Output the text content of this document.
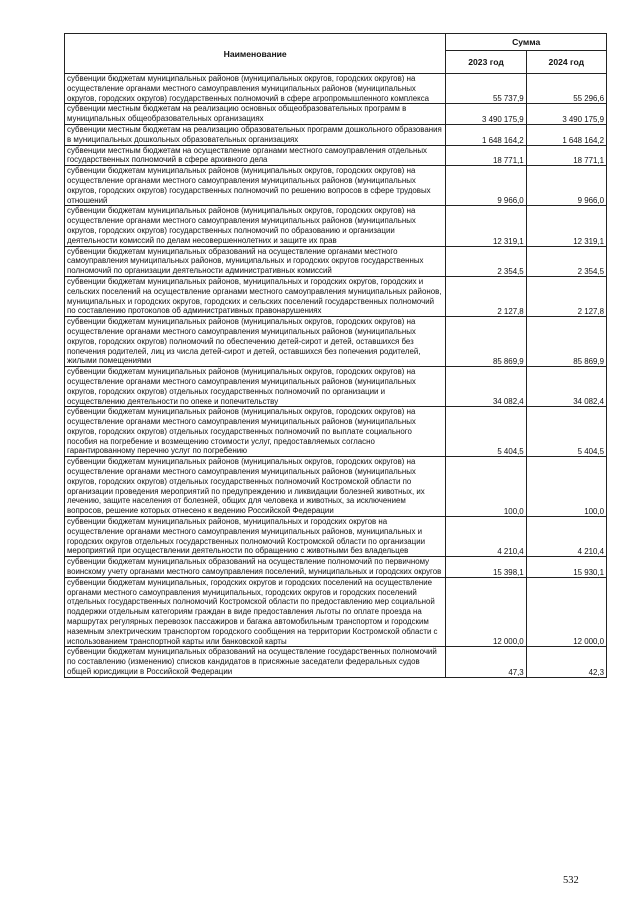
Наименование	Сумма	
	2023 год	2024 год
субвенции бюджетам муниципальных районов (муниципальных округов, городских округов) на осуществление органами местного самоуправления муниципальных районов (муниципальных округов, городских округов) государственных полномочий в сфере агропромышленного комплекса	55 737,9	55 296,6
субвенции местным бюджетам на реализацию основных общеобразовательных программ в муниципальных общеобразовательных организациях	3 490 175,9	3 490 175,9
субвенции местным бюджетам на реализацию образовательных программ дошкольного образования в муниципальных дошкольных образовательных организациях	1 648 164,2	1 648 164,2
субвенции местным бюджетам на осуществление органами местного самоуправления отдельных государственных полномочий в сфере архивного дела	18 771,1	18 771,1
субвенции бюджетам муниципальных районов (муниципальных округов, городских округов) на осуществление органами местного самоуправления муниципальных районов (муниципальных округов, городских округов) государственных полномочий по решению вопросов в сфере трудовых отношений	9 966,0	9 966,0
субвенции бюджетам муниципальных районов (муниципальных округов, городских округов) на осуществление органами местного самоуправления муниципальных районов (муниципальных округов, городских округов) государственных полномочий по образованию и организации деятельности комиссий по делам несовершеннолетних и защите их прав	12 319,1	12 319,1
субвенции бюджетам муниципальных образований на осуществление органами местного самоуправления муниципальных районов, муниципальных и городских округов государственных полномочий по организации деятельности административных комиссий	2 354,5	2 354,5
субвенции бюджетам муниципальных районов, муниципальных и городских округов, городских и сельских поселений на осуществление органами местного самоуправления муниципальных районов, муниципальных и городских округов, городских и сельских поселений государственных полномочий по составлению протоколов об административных правонарушениях	2 127,8	2 127,8
субвенции бюджетам муниципальных районов (муниципальных округов, городских округов) на осуществление органами местного самоуправления муниципальных районов (муниципальных округов, городских округов) полномочий по обеспечению детей-сирот и детей, оставшихся без попечения родителей, лиц из числа детей-сирот и детей, оставшихся без попечения родителей, жилыми помещениями	85 869,9	85 869,9
субвенции бюджетам муниципальных районов (муниципальных округов, городских округов) на осуществление органами местного самоуправления муниципальных районов (муниципальных округов, городских округов) отдельных государственных полномочий по организации и осуществлению деятельности по опеке и попечительству	34 082,4	34 082,4
субвенции бюджетам муниципальных районов (муниципальных округов, городских округов) на осуществление органами местного самоуправления муниципальных районов (муниципальных округов, городских округов) отдельных государственных полномочий по выплате социального пособия на погребение и возмещению стоимости услуг, предоставляемых согласно гарантированному перечню услуг по погребению	5 404,5	5 404,5
субвенции бюджетам муниципальных районов (муниципальных округов, городских округов) на осуществление органами местного самоуправления муниципальных районов (муниципальных округов, городских округов) отдельных государственных полномочий Костромской области по организации проведения мероприятий по предупреждению и ликвидации болезней животных, их лечению, защите населения от болезней, общих для человека и животных, за исключением вопросов, решение которых отнесено к ведению Российской Федерации	100,0	100,0
субвенции бюджетам муниципальных районов, муниципальных и городских округов на осуществление органами местного самоуправления муниципальных районов, муниципальных и городских округов отдельных государственных полномочий Костромской области по организации мероприятий при осуществлении деятельности по обращению с животными без владельцев	4 210,4	4 210,4
субвенции бюджетам муниципальных образований на осуществление полномочий по первичному воинскому учету органами местного самоуправления поселений, муниципальных и городских округов	15 398,1	15 930,1
субвенции бюджетам муниципальных, городских округов и городских поселений на осуществление органами местного самоуправления муниципальных, городских округов и городских поселений отдельных государственных полномочий Костромской области по предоставлению мер социальной поддержки отдельным категориям граждан в виде предоставления льготы по оплате проезда на маршрутах регулярных перевозок пассажиров и багажа автомобильным транспортом и городским наземным электрическим транспортом городского сообщения на территории Костромской области с использованием транспортной карты или банковской карты	12 000,0	12 000,0
субвенции бюджетам муниципальных образований на осуществление государственных полномочий по составлению (изменению) списков кандидатов в присяжные заседатели федеральных судов общей юрисдикции в Российской Федерации	47,3	42,3
532
